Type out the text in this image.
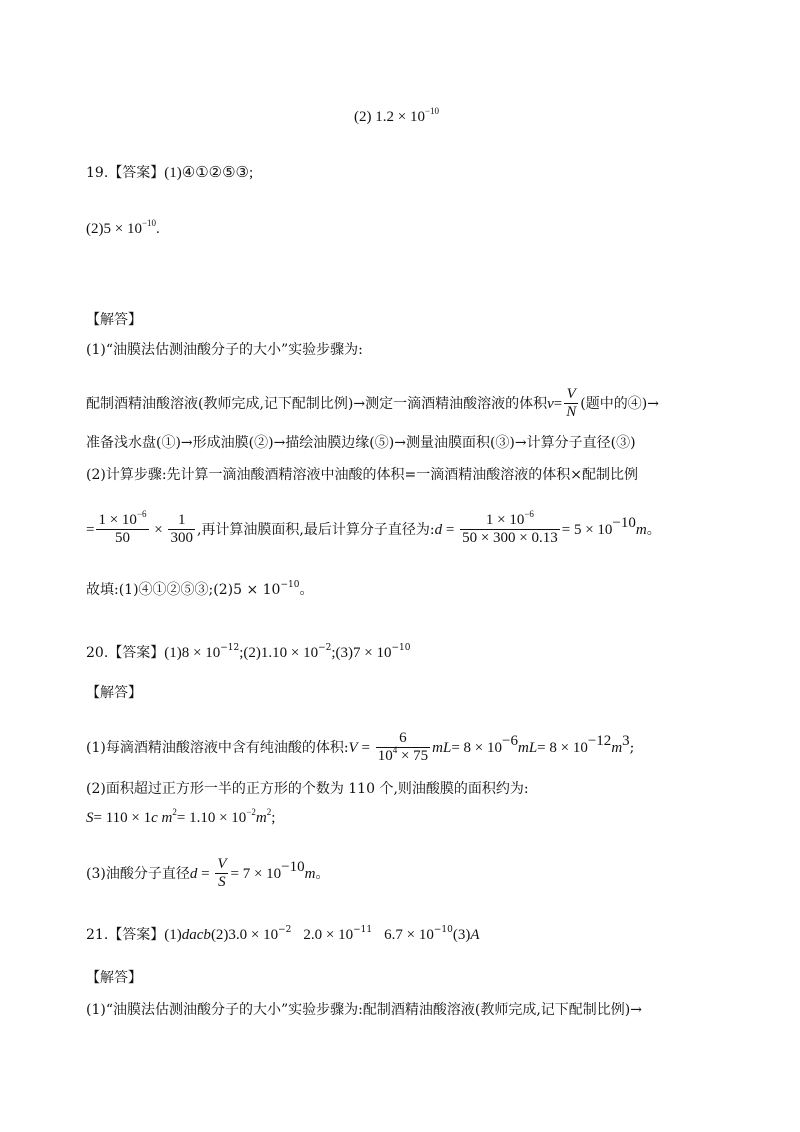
(2) $1.2 \times 10^{-10}$
19.【答案】(1)④①②⑤③;
$(2)5 \times 10^{-10}$.
【解答】
(1)“油膜法估测油酸分子的大小”实验步骤为:
配制酒精油酸溶液(教师完成,记下配制比例)→测定一滴酒精油酸溶液的体积$v= \frac{V}{N}$ (题中的④)→
准备浅水盘(①)→形成油膜(②)→描绘油膜边缘(⑤)→测量油膜面积(③)→计算分子直径(③)
(2)计算步骤:先计算一滴油酸酒精溶液中油酸的体积=一滴酒精油酸溶液的体积×配制比例
= $\frac{1 \times 10^{-6}}{50} \times \frac{1}{300}$ ,再计算油膜面积,最后计算分子直径为:d = $\frac{1 \times 10^{-6}}{50 \times 300 \times 0.13} = 5 \times 10^{-10}m$。
故填:(1)④①②⑤③;(2)5 × $10^{-10}$。
20.【答案】$(1)8 \times 10^{-12};(2)1.10$ × $10^{-2};(3)7 \times 10^{-10}$
【解答】
(1)每滴酒精油酸溶液中含有纯油酸的体积:V = $\frac{6}{10^4 \times 75} mL= 8 \times 10^{-6}mL= 8 \times 10^{-12}m^3$;
(2)面积超过正方形一半的正方形的个数为 110 个,则油酸膜的面积约为:
S= 110 × 1c $m^2= 1.10 \times 10^{-2}m^2$;
(3)油酸分子直径$d = \frac{V}{S} = 7 \times 10^{-10}m$。
21.【答案】(1)dacb(2)3.0 × $10^{-2}$ $2.0 \times 10^{-11}$ $6.7 \times 10^{-10}(3)A$
【解答】
(1)“油膜法估测油酸分子的大小”实验步骤为:配制酒精油酸溶液(教师完成,记下配制比例)→
